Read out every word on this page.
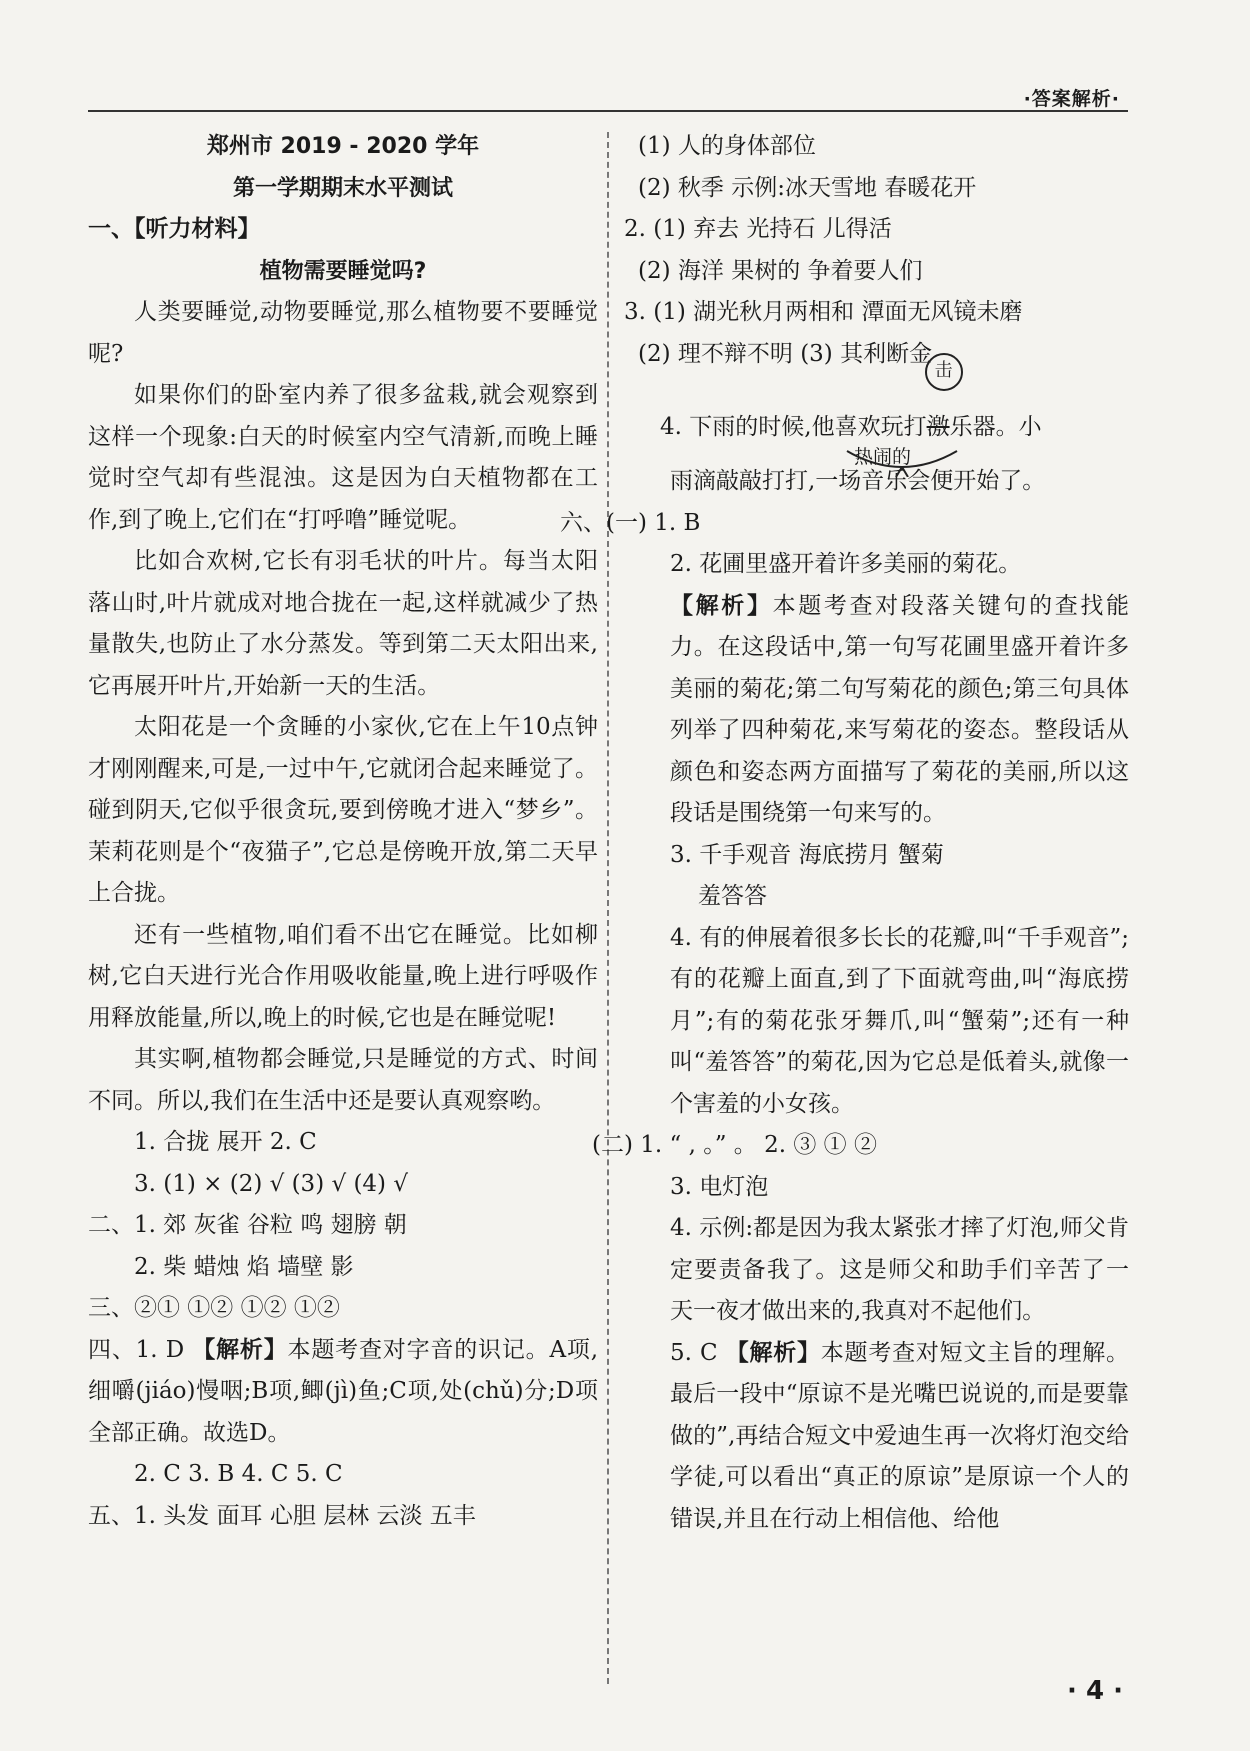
·答案解析·
郑州市 2019 - 2020 学年
第一学期期末水平测试
一、【听力材料】
植物需要睡觉吗?
人类要睡觉,动物要睡觉,那么植物要不要睡觉呢?
如果你们的卧室内养了很多盆栽,就会观察到这样一个现象:白天的时候室内空气清新,而晚上睡觉时空气却有些混浊。这是因为白天植物都在工作,到了晚上,它们在“打呼噜”睡觉呢。
比如合欢树,它长有羽毛状的叶片。每当太阳落山时,叶片就成对地合拢在一起,这样就减少了热量散失,也防止了水分蒸发。等到第二天太阳出来,它再展开叶片,开始新一天的生活。
太阳花是一个贪睡的小家伙,它在上午10点钟才刚刚醒来,可是,一过中午,它就闭合起来睡觉了。碰到阴天,它似乎很贪玩,要到傍晚才进入“梦乡”。茉莉花则是个“夜猫子”,它总是傍晚开放,第二天早上合拢。
还有一些植物,咱们看不出它在睡觉。比如柳树,它白天进行光合作用吸收能量,晚上进行呼吸作用释放能量,所以,晚上的时候,它也是在睡觉呢!
其实啊,植物都会睡觉,只是睡觉的方式、时间不同。所以,我们在生活中还是要认真观察哟。
1. 合拢 展开 2. C
3. (1) × (2) √ (3) √ (4) √
二、1. 郊 灰雀 谷粒 鸣 翅膀 朝
2. 柴 蜡烛 焰 墙壁 影
三、②① ①② ①② ①②
四、1. D 【解析】本题考查对字音的识记。A项,细嚼(jiáo)慢咽;B项,鲫(jì)鱼;C项,处(chǔ)分;D项全部正确。故选D。
2. C 3. B 4. C 5. C
五、1. 头发 面耳 心胆 层林 云淡 五丰
(1) 人的身体部位
(2) 秋季 示例:冰天雪地 春暖花开
2. (1) 弃去 光持石 儿得活
(2) 海洋 果树的 争着要人们
3. (1) 湖光秋月两相和 潭面无风镜未磨
(2) 理不辩不明 (3) 其利断金
4. 下雨的时候,他喜欢玩打激
击
乐器。小
热闹的
雨滴敲敲打打,一场音乐会便开始了。
六、(一) 1. B
2. 花圃里盛开着许多美丽的菊花。
【解析】本题考查对段落关键句的查找能力。在这段话中,第一句写花圃里盛开着许多美丽的菊花;第二句写菊花的颜色;第三句具体列举了四种菊花,来写菊花的姿态。整段话从颜色和姿态两方面描写了菊花的美丽,所以这段话是围绕第一句来写的。
3. 千手观音 海底捞月 蟹菊
羞答答
4. 有的伸展着很多长长的花瓣,叫“千手观音”;有的花瓣上面直,到了下面就弯曲,叫“海底捞月”;有的菊花张牙舞爪,叫“蟹菊”;还有一种叫“羞答答”的菊花,因为它总是低着头,就像一个害羞的小女孩。
(二) 1. “ , 。” 。 2. ③ ① ②
3. 电灯泡
4. 示例:都是因为我太紧张才摔了灯泡,师父肯定要责备我了。这是师父和助手们辛苦了一天一夜才做出来的,我真对不起他们。
5. C 【解析】本题考查对短文主旨的理解。最后一段中“原谅不是光嘴巴说说的,而是要靠做的”,再结合短文中爱迪生再一次将灯泡交给学徒,可以看出“真正的原谅”是原谅一个人的错误,并且在行动上相信他、给他
· 4 ·
